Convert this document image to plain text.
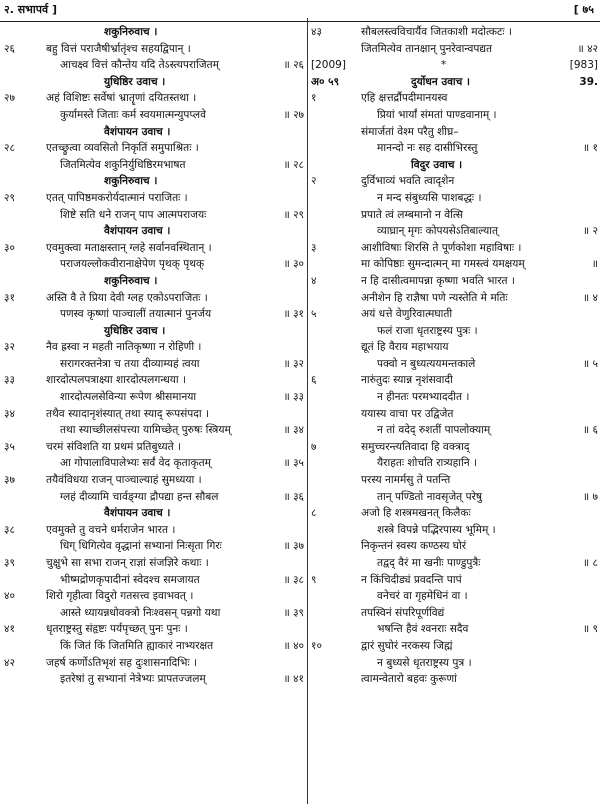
२. सभापर्व ]	[ ७५
शकुनिरुवाच ।
२६	बहु वित्तं पराजैषीर्भ्रातृंश्च सहयद्विपान् ।
आचक्ष्व वित्तं कौन्तेय यदि तेऽस्त्यपराजितम्	॥ २६
युधिष्ठिर उवाच ।
२७	अहं विशिष्टः सर्वेषां भ्रातॄणां दयितस्तथा ।
कुर्यामस्ते जिताः कर्म स्वयमात्मन्युपप्लवे	॥ २७
वैशंपायन उवाच ।
२८	एतच्छ्रुत्वा व्यवसितो निकृतिं समुपाश्रितः ।
जितमित्येव शकुनिर्युधिष्ठिरमभाषत	॥ २८
शकुनिरुवाच ।
२९	एतत् पापिष्ठमकरोर्यदात्मानं पराजितः ।
शिष्टे सति धने राजन् पाप आत्मपराजयः	॥ २९
वैशंपायन उवाच ।
३०	एवमुक्त्वा मताक्षस्तान् ग्लहे सर्वानवस्थितान् ।
पराजयल्लोकवीरानाक्षेपेण पृथक् पृथक्	॥ ३०
शकुनिरुवाच ।
३१	अस्ति वै ते प्रिया देवी ग्लह एकोऽपराजितः ।
पणस्व कृष्णां पाञ्चालीं तयात्मानं पुनर्जय	॥ ३१
युधिष्ठिर उवाच ।
३२	नैव ह्रस्वा न महती नातिकृष्णा न रोहिणी ।
सरागरक्तनेत्रा च तया दीव्याम्यहं त्वया	॥ ३२
३३	शारदोत्पलपत्राक्ष्या शारदोत्पलगन्धया ।
शारदोत्पलसेविन्या रूपेण श्रीसमानया	॥ ३३
३४	तथैव स्यादानृशंस्यात् तथा स्याद् रूपसंपदा ।
तथा स्याच्छीलसंपत्त्या यामिच्छेत् पुरुषः स्त्रियम्	॥ ३४
३५	चरमं संविशति या प्रथमं प्रतिबुध्यते ।
आ गोपालाविपालेभ्यः सर्वं वेद कृताकृतम्	॥ ३५
३७	तयैवंविधया राजन् पाञ्चाल्याहं सुमध्यया ।
ग्लहं दीव्यामि चार्वङ्ग्या द्रौपद्या हन्त सौबल	॥ ३६
वैशंपायन उवाच ।
३८	एवमुक्ते तु वचने धर्मराजेन भारत ।
धिग् धिगित्येव वृद्धानां सभ्यानां निःसृता गिरः	॥ ३७
३९	चुक्षुभे सा सभा राजन् राज्ञां संजज्ञिरे कथाः ।
भीष्मद्रोणकृपादीनां स्वेदश्च समजायत	॥ ३८
४०	शिरो गृहीत्वा विदुरो गतसत्त्व इवाभवत् ।
आस्ते ध्यायन्नधोवक्त्रो निःश्वसन् पन्नगो यथा	॥ ३९
४१	धृतराष्ट्रस्तु संहृष्टः पर्यपृच्छत् पुनः पुनः ।
किं जितं किं जितमिति ह्याकारं नाभ्यरक्षत	॥ ४०
४२	जहर्ष कर्णोऽतिभृशं सह दुःशासनादिभिः ।
इतरेषां तु सभ्यानां नेत्रेभ्यः प्रापतज्जलम्	॥ ४१
४३	सौबलस्त्वविचार्यैव जितकाशी मदोत्कटः ।
जितमित्येव तानक्षान् पुनरेवान्वपद्यत	॥ ४२
[2009]	*	[983]
अ० ५९	दुर्योधन उवाच ।	39.
१	एहि क्षत्तर्द्रौपदीमानयस्व
प्रियां भार्यां संमतां पाण्डवानाम् ।
संमार्जतां वेश्म परैतु शीघ्र–
मानन्दो नः सह दासीभिरस्तु	॥ १
विदुर उवाच ।
२	दुर्विभाव्यं भवति त्वादृशेन
न मन्द संबुध्यसि पाशबद्धः ।
प्रपाते त्वं लम्बमानो न वेत्सि
व्याघ्रान् मृगः कोपयसेऽतिबाल्यात्	॥ २
३	आशीविषाः शिरसि ते पूर्णकोशा महाविषाः ।
मा कोपिष्ठाः सुमन्दात्मन् मा गमस्त्वं यमक्षयम्	॥
४	न हि दासीत्वमापन्ना कृष्णा भवति भारत ।
अनीशेन हि राज्ञैषा पणे न्यस्तेति मे मतिः	॥ ४
५	अयं धत्ते वेणुरिवात्मघाती
फलं राजा धृतराष्ट्रस्य पुत्रः ।
द्यूतं हि वैराय महाभयाय
पक्वो न बुध्यत्ययमन्तकाले	॥ ५
६	नारुंतुदः स्यान्न नृशंसवादी
न हीनतः परमभ्याददीत ।
ययास्य वाचा पर उद्विजेत
न तां वदेद् रुशतीं पापलोक्याम्	॥ ६
७	समुच्चरन्त्यतिवादा हि वक्त्राद्
यैराहतः शोचति रात्र्यहानि ।
परस्य नामर्मसु ते पतन्ति
तान् पण्डितो नावसृजेत् परेषु	॥ ७
८	अजो हि शस्त्रमखनत् किलैकः
शस्त्रे विपन्ने पद्भिरपास्य भूमिम् ।
निकृन्तनं स्वस्य कण्ठस्य घोरं
तद्वद् वैरं मा खनीः पाण्डुपुत्रैः	॥ ८
९	न किंचिदीड्यं प्रवदन्ति पापं
वनेचरं वा गृहमेधिनं वा ।
तपस्विनं संपरिपूर्णविद्यं
भषन्ति हैवं श्वनराः सदैव	॥ ९
१०	द्वारं सुघोरं नरकस्य जिह्मं
न बुध्यसे धृतराष्ट्रस्य पुत्र ।
त्वामन्वेतारो बहवः कुरूणां
